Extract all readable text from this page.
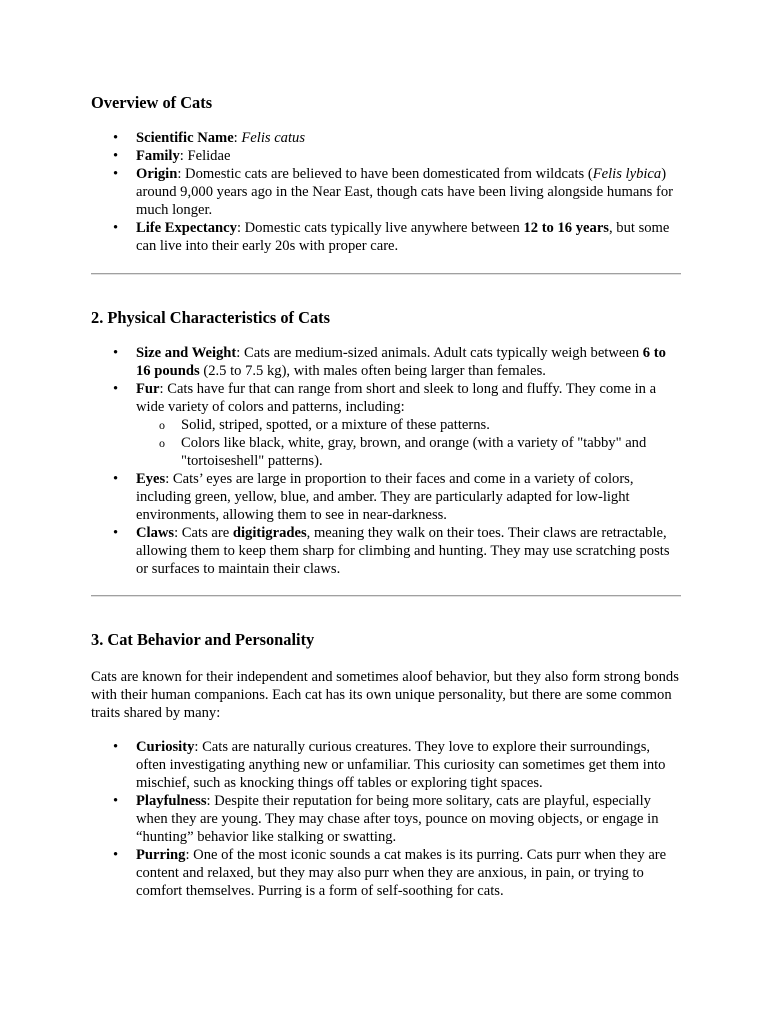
Overview of Cats
• Scientific Name: Felis catus
• Family: Felidae
• Origin: Domestic cats are believed to have been domesticated from wildcats (Felis lybica) around 9,000 years ago in the Near East, though cats have been living alongside humans for much longer.
• Life Expectancy: Domestic cats typically live anywhere between 12 to 16 years, but some can live into their early 20s with proper care.
2. Physical Characteristics of Cats
• Size and Weight: Cats are medium-sized animals. Adult cats typically weigh between 6 to 16 pounds (2.5 to 7.5 kg), with males often being larger than females.
• Fur: Cats have fur that can range from short and sleek to long and fluffy. They come in a wide variety of colors and patterns, including:
o Solid, striped, spotted, or a mixture of these patterns.
o Colors like black, white, gray, brown, and orange (with a variety of "tabby" and "tortoiseshell" patterns).
• Eyes: Cats’ eyes are large in proportion to their faces and come in a variety of colors, including green, yellow, blue, and amber. They are particularly adapted for low-light environments, allowing them to see in near-darkness.
• Claws: Cats are digitigrades, meaning they walk on their toes. Their claws are retractable, allowing them to keep them sharp for climbing and hunting. They may use scratching posts or surfaces to maintain their claws.
3. Cat Behavior and Personality

Cats are known for their independent and sometimes aloof behavior, but they also form strong bonds with their human companions. Each cat has its own unique personality, but there are some common traits shared by many:

• Curiosity: Cats are naturally curious creatures. They love to explore their surroundings, often investigating anything new or unfamiliar. This curiosity can sometimes get them into mischief, such as knocking things off tables or exploring tight spaces.
• Playfulness: Despite their reputation for being more solitary, cats are playful, especially when they are young. They may chase after toys, pounce on moving objects, or engage in “hunting” behavior like stalking or swatting.
• Purring: One of the most iconic sounds a cat makes is its purring. Cats purr when they are content and relaxed, but they may also purr when they are anxious, in pain, or trying to comfort themselves. Purring is a form of self-soothing for cats.
